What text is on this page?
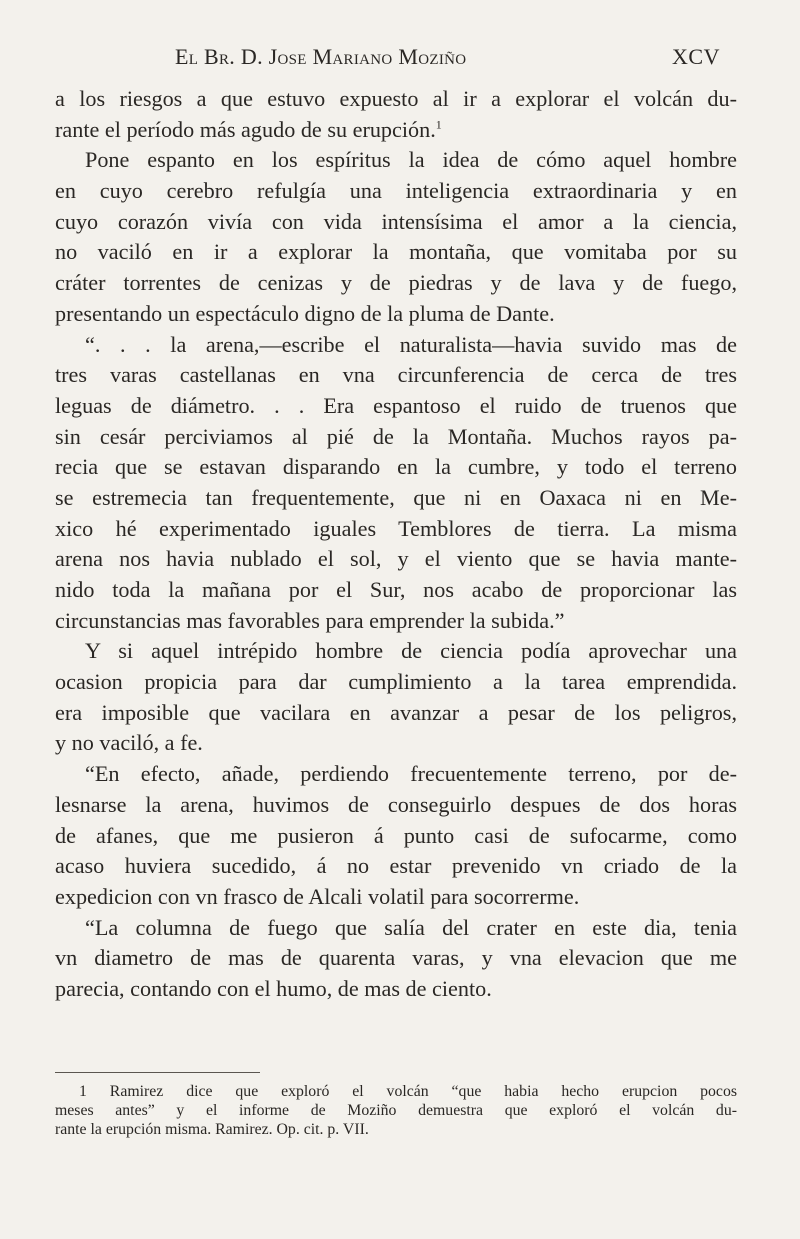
El Br. D. Jose Mariano Moziño	XCV
a los riesgos a que estuvo expuesto al ir a explorar el volcán du-
rante el período más agudo de su erupción.$^1$
Pone espanto en los espíritus la idea de cómo aquel hombre
en cuyo cerebro refulgía una inteligencia extraordinaria y en
cuyo corazón vivía con vida intensísima el amor a la ciencia,
no vaciló en ir a explorar la montaña, que vomitaba por su
cráter torrentes de cenizas y de piedras y de lava y de fuego,
presentando un espectáculo digno de la pluma de Dante.
“. . . la arena,—escribe el naturalista—havia suvido mas de
tres varas castellanas en vna circunferencia de cerca de tres
leguas de diámetro. . . Era espantoso el ruido de truenos que
sin cesár perciviamos al pié de la Montaña. Muchos rayos pa-
recia que se estavan disparando en la cumbre, y todo el terreno
se estremecia tan frequentemente, que ni en Oaxaca ni en Me-
xico hé experimentado iguales Temblores de tierra. La misma
arena nos havia nublado el sol, y el viento que se havia mante-
nido toda la mañana por el Sur, nos acabo de proporcionar las
circunstancias mas favorables para emprender la subida.”
Y si aquel intrépido hombre de ciencia podía aprovechar una
ocasion propicia para dar cumplimiento a la tarea emprendida.
era imposible que vacilara en avanzar a pesar de los peligros,
y no vaciló, a fe.
“En efecto, añade, perdiendo frecuentemente terreno, por de-
lesnarse la arena, huvimos de conseguirlo despues de dos horas
de afanes, que me pusieron á punto casi de sufocarme, como
acaso huviera sucedido, á no estar prevenido vn criado de la
expedicion con vn frasco de Alcali volatil para socorrerme.
“La columna de fuego que salía del crater en este dia, tenia
vn diametro de mas de quarenta varas, y vna elevacion que me
parecia, contando con el humo, de mas de ciento.
1 Ramirez dice que exploró el volcán “que habia hecho erupcion pocos
meses antes” y el informe de Moziño demuestra que exploró el volcán du-
rante la erupción misma. Ramirez. Op. cit. p. VII.
